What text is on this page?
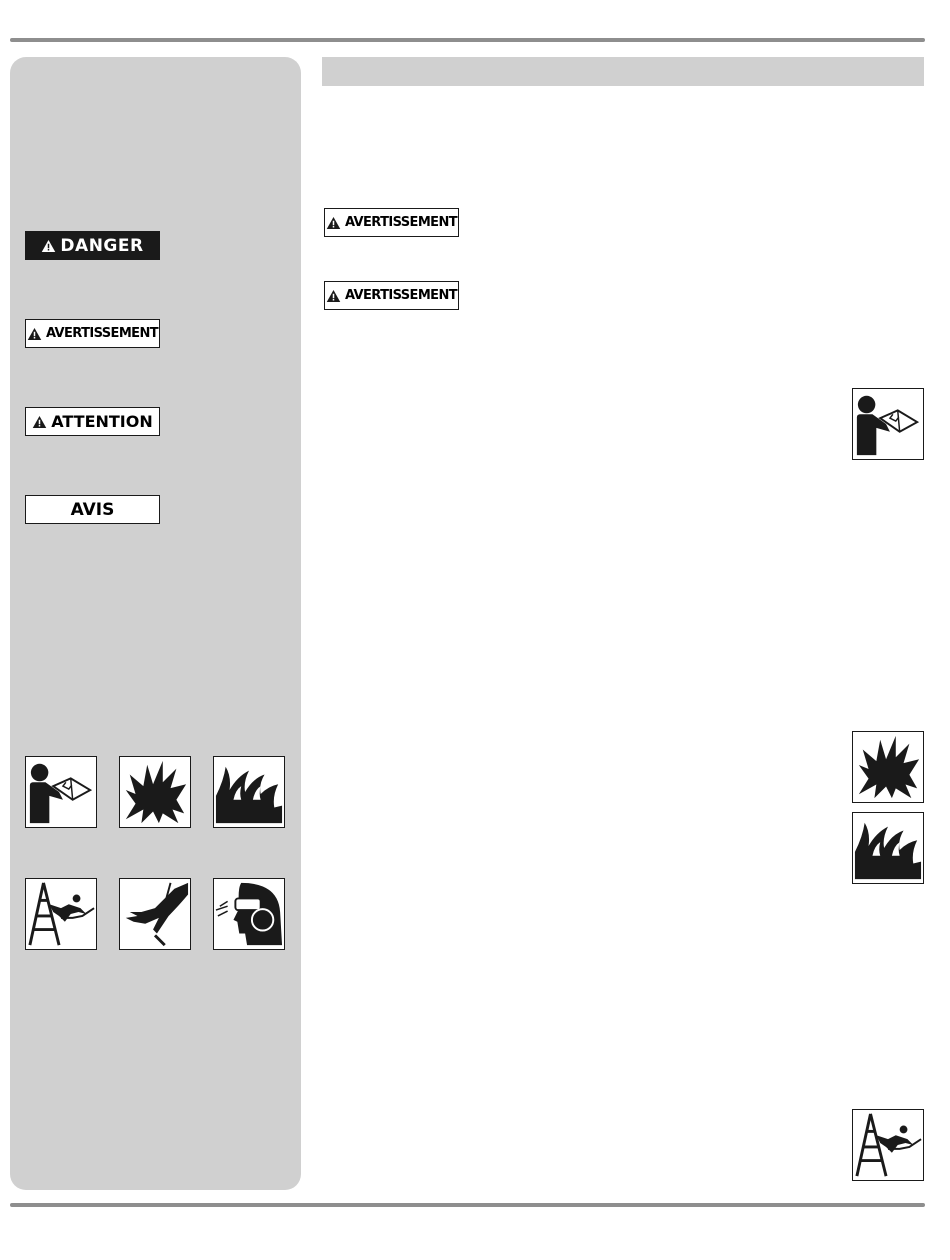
DANGER
AVERTISSEMENT
ATTENTION
AVIS
AVERTISSEMENT
AVERTISSEMENT
